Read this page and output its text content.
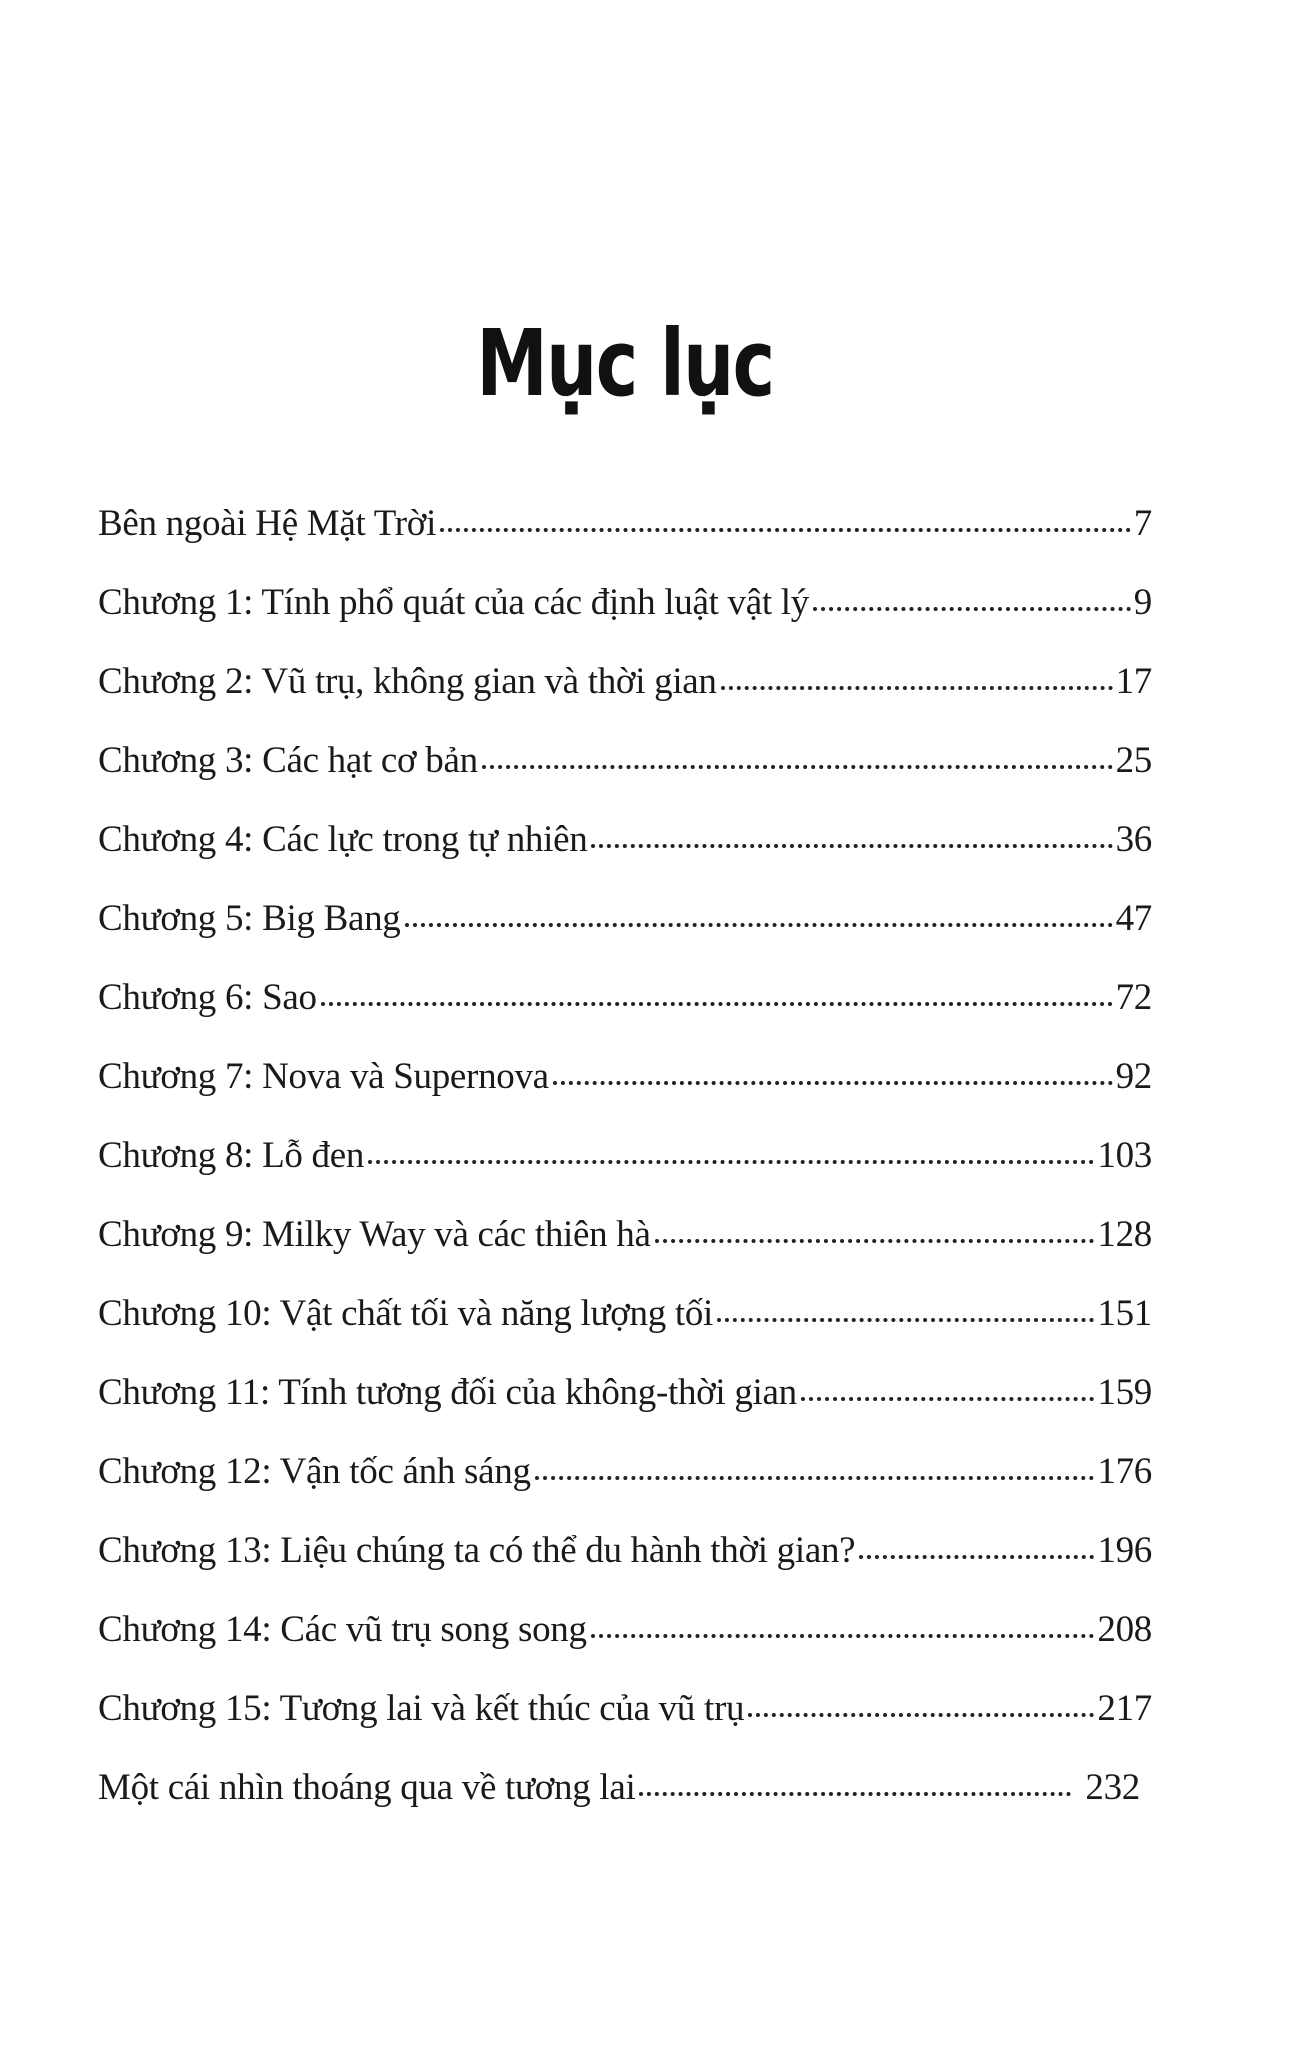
Mục lục
Bên ngoài Hệ Mặt Trời	7
Chương 1: Tính phổ quát của các định luật vật lý	9
Chương 2: Vũ trụ, không gian và thời gian	17
Chương 3: Các hạt cơ bản	25
Chương 4: Các lực trong tự nhiên	36
Chương 5: Big Bang	47
Chương 6: Sao	72
Chương 7: Nova và Supernova	92
Chương 8: Lỗ đen	103
Chương 9: Milky Way và các thiên hà	128
Chương 10: Vật chất tối và năng lượng tối	151
Chương 11: Tính tương đối của không-thời gian	159
Chương 12: Vận tốc ánh sáng	176
Chương 13: Liệu chúng ta có thể du hành thời gian?	196
Chương 14: Các vũ trụ song song	208
Chương 15: Tương lai và kết thúc của vũ trụ	217
Một cái nhìn thoáng qua về tương lai	232
